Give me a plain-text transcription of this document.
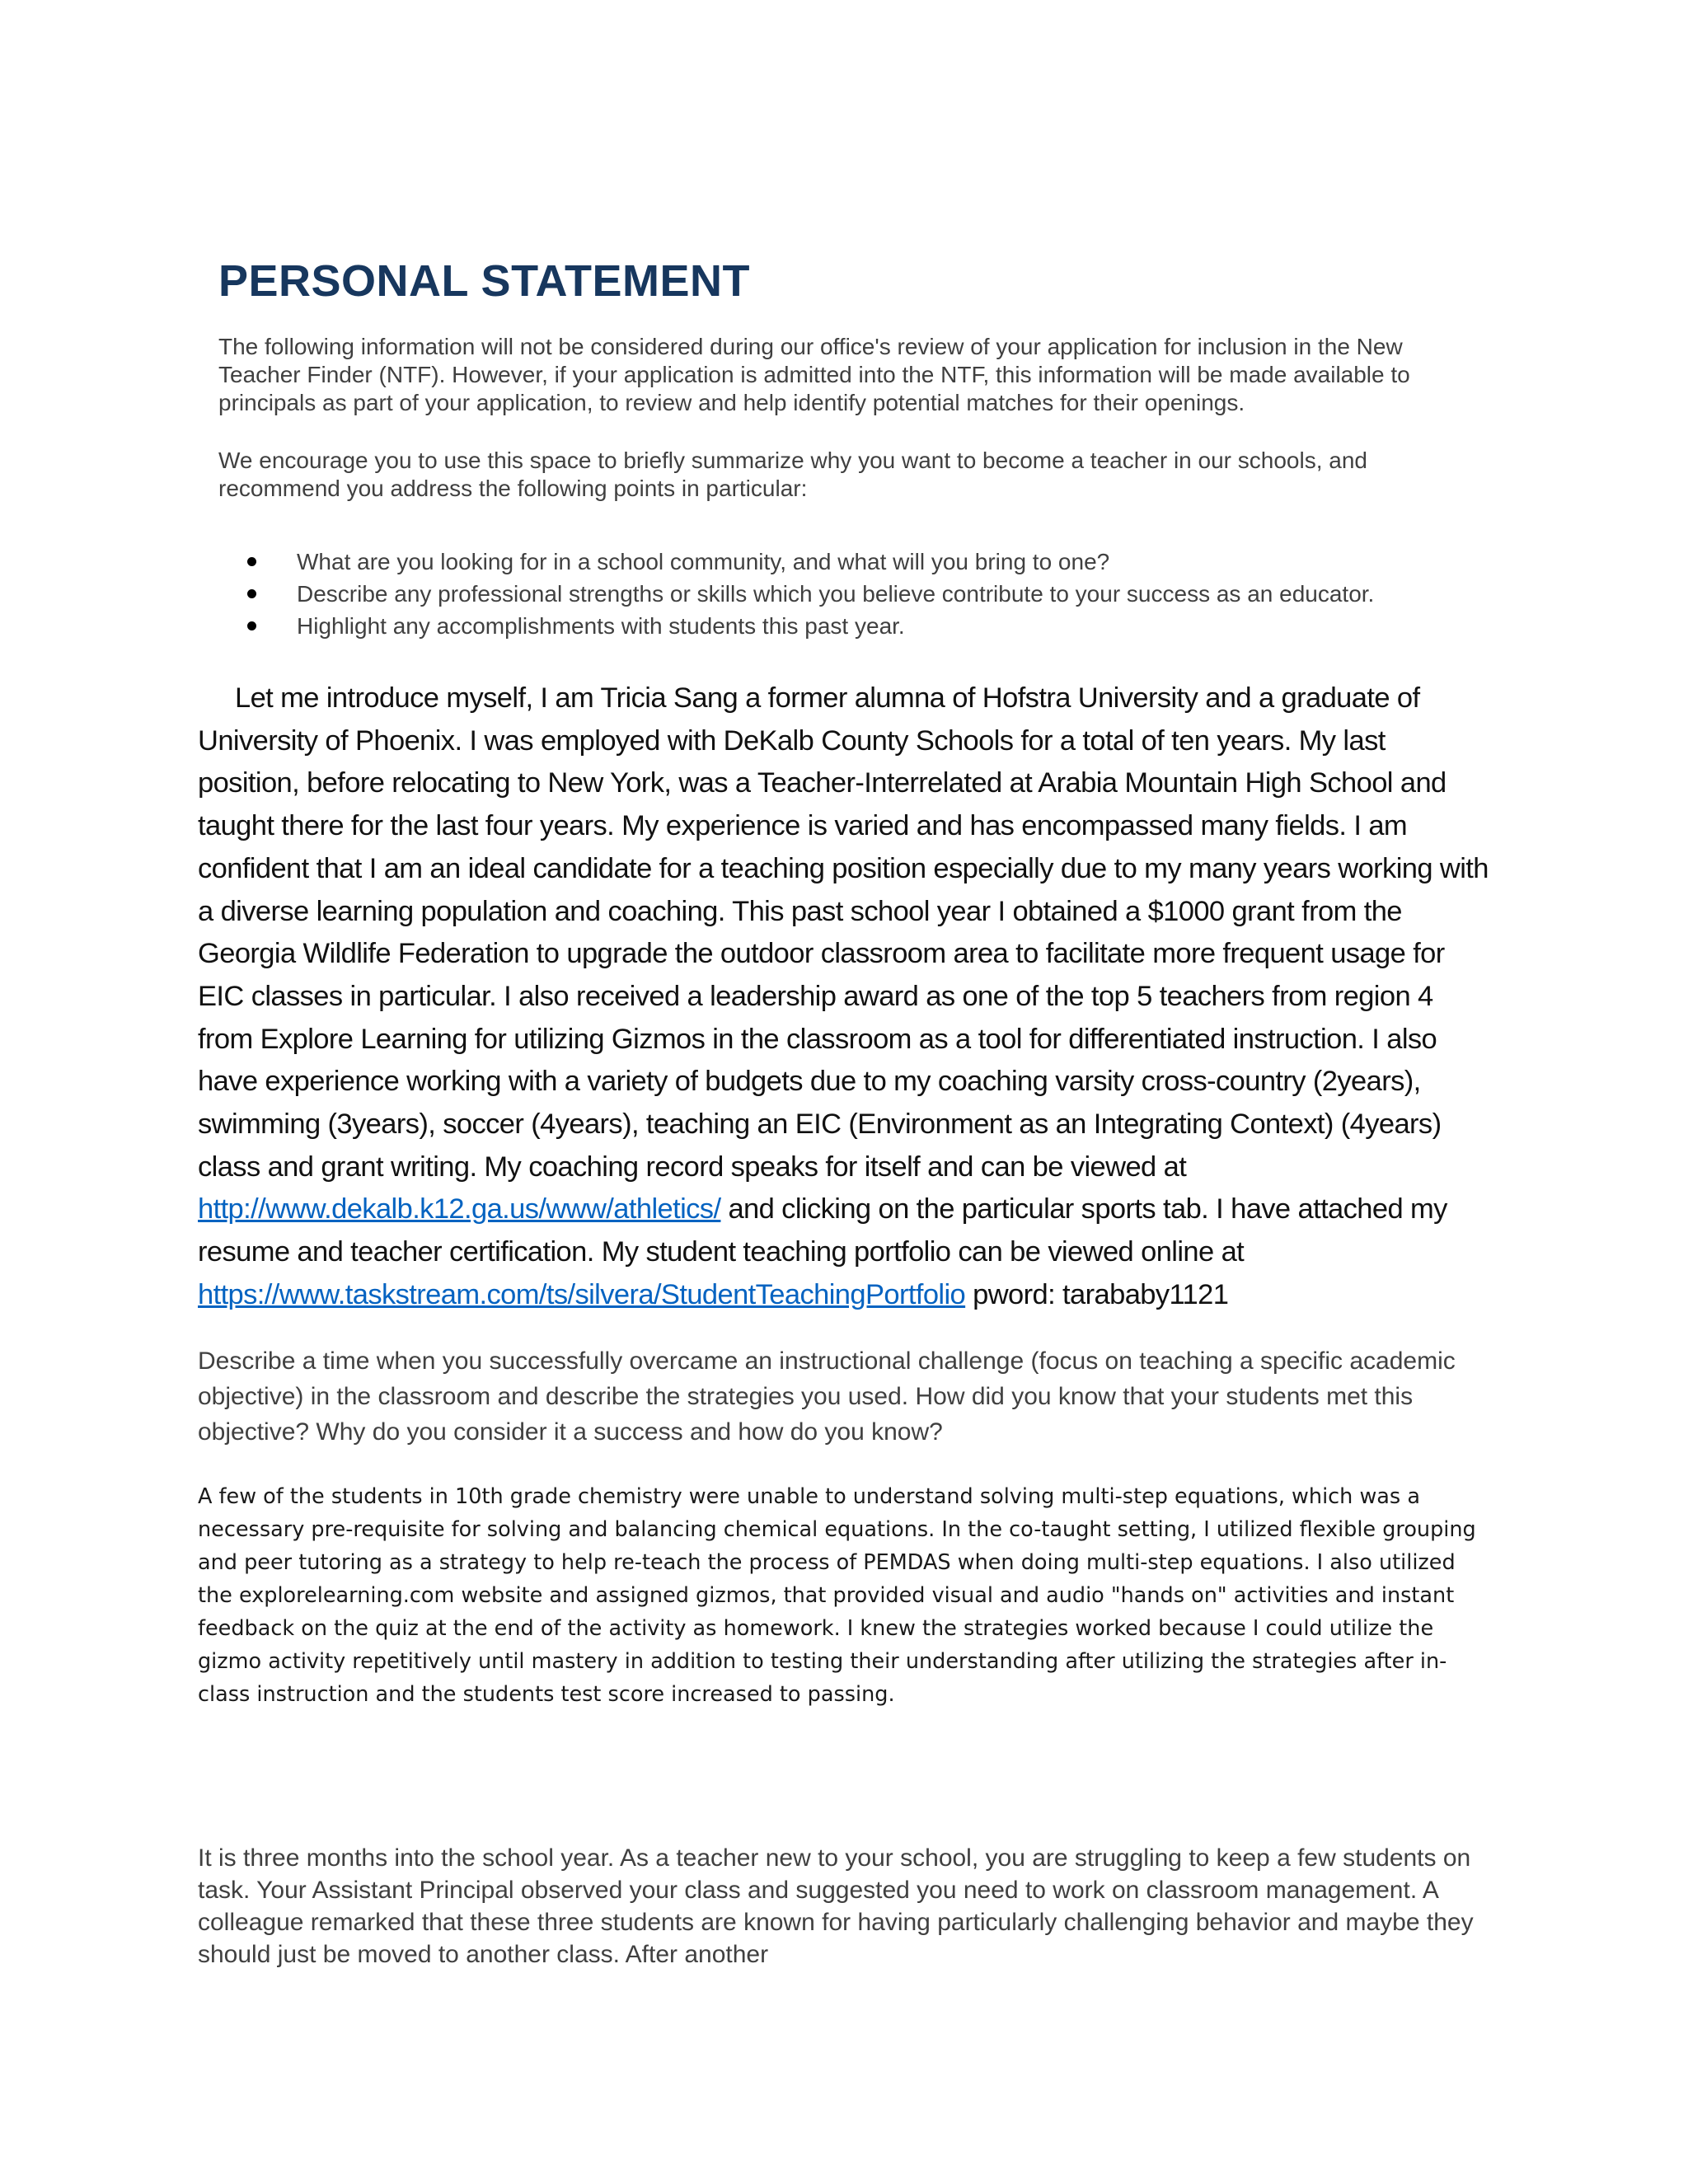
PERSONAL STATEMENT

The following information will not be considered during our office's review of your application for inclusion in the New Teacher Finder (NTF). However, if your application is admitted into the NTF, this information will be made available to principals as part of your application, to review and help identify potential matches for their openings.

We encourage you to use this space to briefly summarize why you want to become a teacher in our schools, and recommend you address the following points in particular:

What are you looking for in a school community, and what will you bring to one?
Describe any professional strengths or skills which you believe contribute to your success as an educator.
Highlight any accomplishments with students this past year.

Let me introduce myself, I am Tricia Sang a former alumna of Hofstra University and a graduate of University of Phoenix. I was employed with DeKalb County Schools for a total of ten years. My last position, before relocating to New York, was a Teacher-Interrelated at Arabia Mountain High School and taught there for the last four years. My experience is varied and has encompassed many fields. I am confident that I am an ideal candidate for a teaching position especially due to my many years working with a diverse learning population and coaching. This past school year I obtained a $1000 grant from the Georgia Wildlife Federation to upgrade the outdoor classroom area to facilitate more frequent usage for EIC classes in particular. I also received a leadership award as one of the top 5 teachers from region 4 from Explore Learning for utilizing Gizmos in the classroom as a tool for differentiated instruction. I also have experience working with a variety of budgets due to my coaching varsity cross-country (2years), swimming (3years), soccer (4years), teaching an EIC (Environment as an Integrating Context) (4years) class and grant writing. My coaching record speaks for itself and can be viewed at http://www.dekalb.k12.ga.us/www/athletics/ and clicking on the particular sports tab. I have attached my resume and teacher certification. My student teaching portfolio can be viewed online at https://www.taskstream.com/ts/silvera/StudentTeachingPortfolio pword: tarababy1121

Describe a time when you successfully overcame an instructional challenge (focus on teaching a specific academic objective) in the classroom and describe the strategies you used. How did you know that your students met this objective? Why do you consider it a success and how do you know?

A few of the students in 10th grade chemistry were unable to understand solving multi-step equations, which was a necessary pre-requisite for solving and balancing chemical equations. In the co-taught setting, I utilized flexible grouping and peer tutoring as a strategy to help re-teach the process of PEMDAS when doing multi-step equations. I also utilized the explorelearning.com website and assigned gizmos, that provided visual and audio "hands on" activities and instant feedback on the quiz at the end of the activity as homework. I knew the strategies worked because I could utilize the gizmo activity repetitively until mastery in addition to testing their understanding after utilizing the strategies after in-class instruction and the students test score increased to passing.

It is three months into the school year. As a teacher new to your school, you are struggling to keep a few students on task. Your Assistant Principal observed your class and suggested you need to work on classroom management. A colleague remarked that these three students are known for having particularly challenging behavior and maybe they should just be moved to another class. After another
